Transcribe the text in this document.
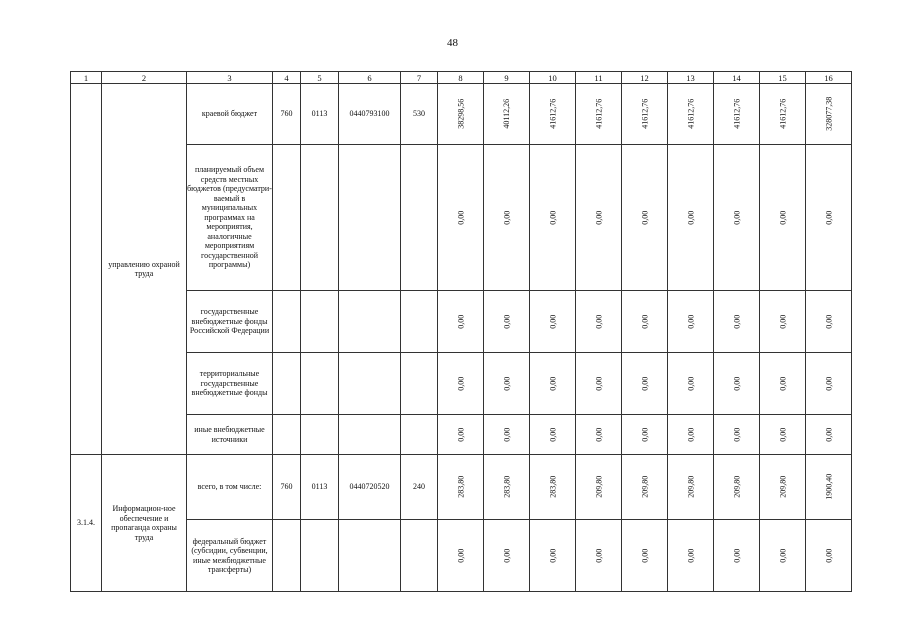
48
1	2	3	4	5	6	7	8	9	10	11	12	13	14	15	16
	управлению охраной труда	краевой бюджет	760	0113	0440793100	530	38298,56	40112,26	41612,76	41612,76	41612,76	41612,76	41612,76	41612,76	328077,38

		планируемый объем средств местных бюджетов (предусматри-ваемый в муниципальных программах на мероприятия, аналогичные мероприятиям государственной программы)					0,00	0,00	0,00	0,00	0,00	0,00	0,00	0,00	0,00

		государственные внебюджетные фонды Российской Федерации					0,00	0,00	0,00	0,00	0,00	0,00	0,00	0,00	0,00

		территориальные государственные внебюджетные фонды					0,00	0,00	0,00	0,00	0,00	0,00	0,00	0,00	0,00

		иные внебюджетные источники					0,00	0,00	0,00	0,00	0,00	0,00	0,00	0,00	0,00
3.1.4.	Информацион-ное обеспечение и пропаганда охраны труда	всего, в том числе:	760	0113	0440720520	240	283,80	283,80	283,80	209,80	209,80	209,80	209,80	209,80	1900,40

		федеральный бюджет (субсидии, субвенции, иные межбюджетные трансферты)					0,00	0,00	0,00	0,00	0,00	0,00	0,00	0,00	0,00
